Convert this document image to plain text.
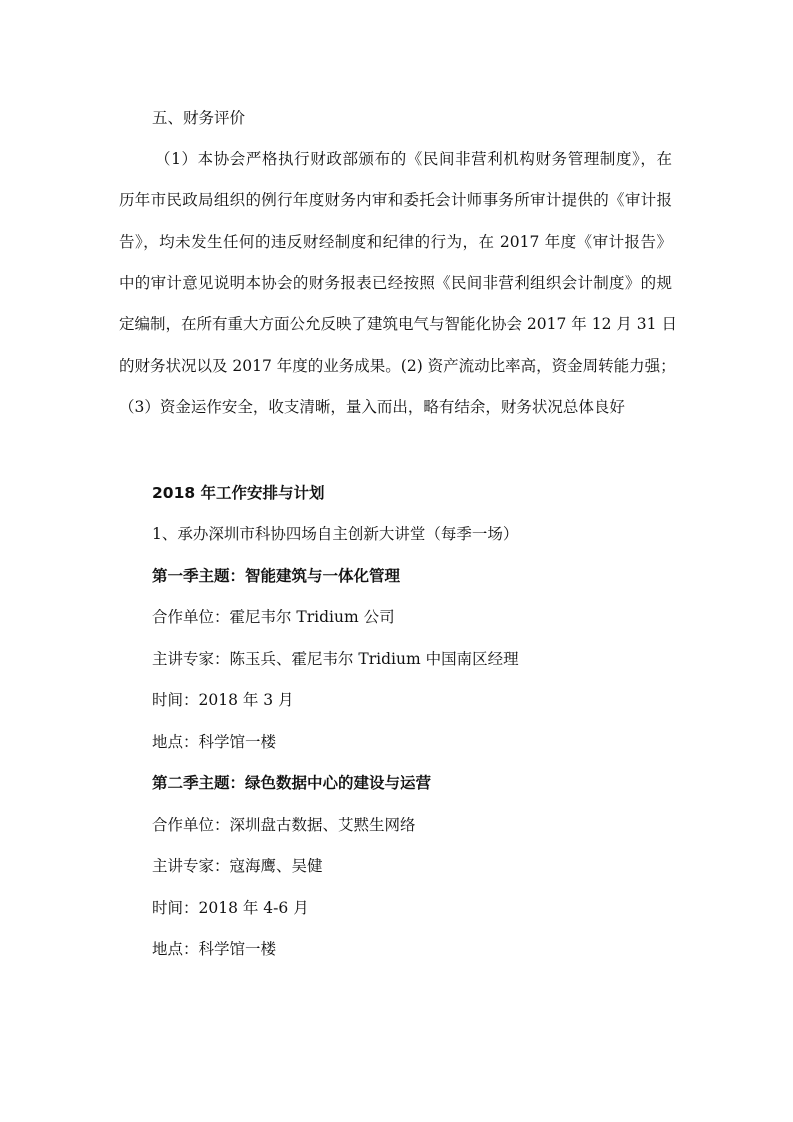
五、财务评价
（1）本协会严格执行财政部颁布的《民间非营利机构财务管理制度》，在
历年市民政局组织的例行年度财务内审和委托会计师事务所审计提供的《审计报
告》，均未发生任何的违反财经制度和纪律的行为，在 2017 年度《审计报告》
中的审计意见说明本协会的财务报表已经按照《民间非营利组织会计制度》的规
定编制，在所有重大方面公允反映了建筑电气与智能化协会 2017 年 12 月 31 日
的财务状况以及 2017 年度的业务成果。(2) 资产流动比率高，资金周转能力强；
（3）资金运作安全，收支清晰，量入而出，略有结余，财务状况总体良好
2018 年工作安排与计划
1、承办深圳市科协四场自主创新大讲堂（每季一场）
第一季主题：智能建筑与一体化管理
合作单位：霍尼韦尔 Tridium 公司
主讲专家：陈玉兵、霍尼韦尔 Tridium 中国南区经理
时间：2018 年 3 月
地点：科学馆一楼
第二季主题：绿色数据中心的建设与运营
合作单位：深圳盘古数据、艾黙生网络
主讲专家：寇海鹰、吴健
时间：2018 年 4-6 月
地点：科学馆一楼
